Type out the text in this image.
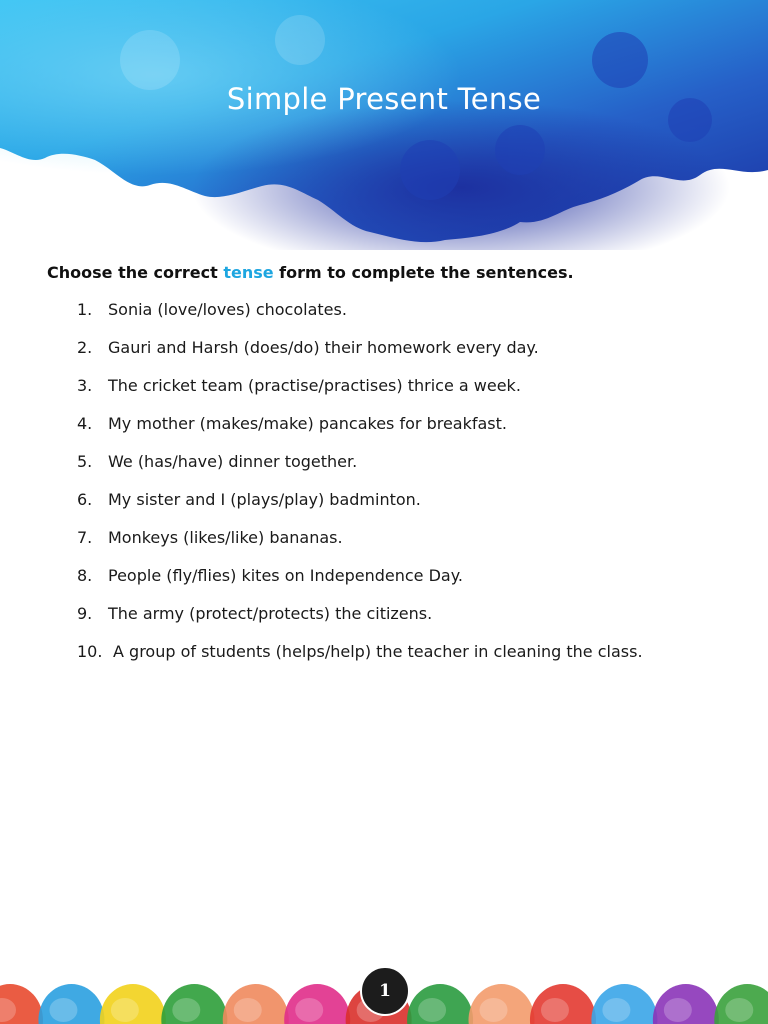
Simple Present Tense
Choose the correct tense form to complete the sentences.
1. Sonia (love/loves) chocolates.
2. Gauri and Harsh (does/do) their homework every day.
3. The cricket team (practise/practises) thrice a week.
4. My mother (makes/make) pancakes for breakfast.
5. We (has/have) dinner together.
6. My sister and I (plays/play) badminton.
7. Monkeys (likes/like) bananas.
8. People (fly/flies) kites on Independence Day.
9. The army (protect/protects) the citizens.
10. A group of students (helps/help) the teacher in cleaning the class.
1
